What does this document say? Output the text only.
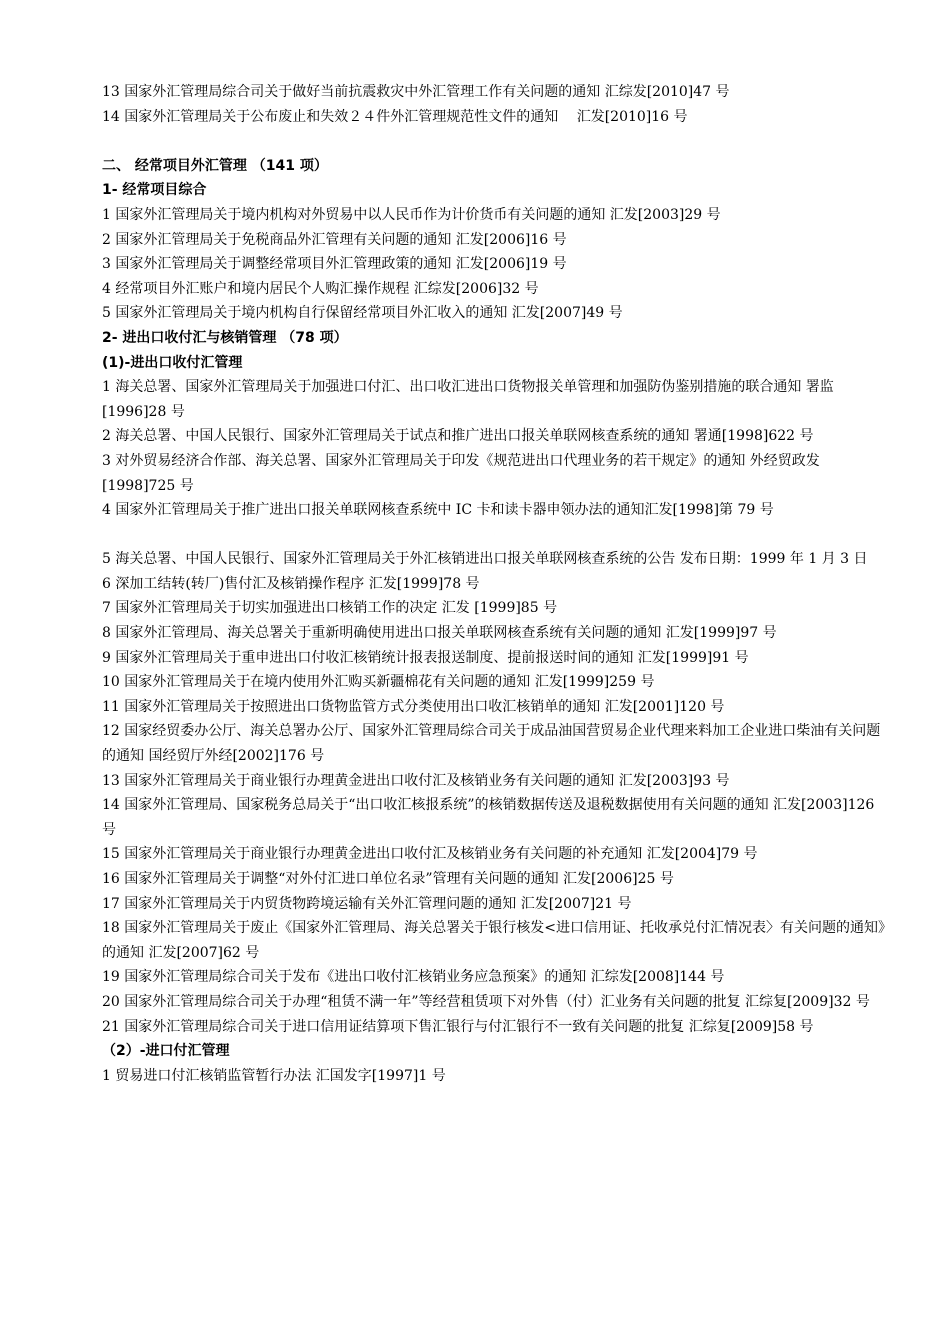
13 国家外汇管理局综合司关于做好当前抗震救灾中外汇管理工作有关问题的通知 汇综发[2010]47 号

14 国家外汇管理局关于公布废止和失效２４件外汇管理规范性文件的通知　 汇发[2010]16 号

二、 经常项目外汇管理 （141 项）

1- 经常项目综合

1 国家外汇管理局关于境内机构对外贸易中以人民币作为计价货币有关问题的通知 汇发[2003]29 号

2 国家外汇管理局关于免税商品外汇管理有关问题的通知 汇发[2006]16 号

3 国家外汇管理局关于调整经常项目外汇管理政策的通知 汇发[2006]19 号

4 经常项目外汇账户和境内居民个人购汇操作规程 汇综发[2006]32 号

5 国家外汇管理局关于境内机构自行保留经常项目外汇收入的通知 汇发[2007]49 号

2- 进出口收付汇与核销管理 （78 项）

(1)-进出口收付汇管理

1 海关总署、国家外汇管理局关于加强进口付汇、出口收汇进出口货物报关单管理和加强防伪鉴别措施的联合通知 署监[1996]28 号

2 海关总署、中国人民银行、国家外汇管理局关于试点和推广进出口报关单联网核查系统的通知 署通[1998]622 号

3 对外贸易经济合作部、海关总署、国家外汇管理局关于印发《规范进出口代理业务的若干规定》的通知 外经贸政发[1998]725 号

4 国家外汇管理局关于推广进出口报关单联网核查系统中 IC 卡和读卡器申领办法的通知汇发[1998]第 79 号

5 海关总署、中国人民银行、国家外汇管理局关于外汇核销进出口报关单联网核查系统的公告 发布日期：1999 年 1 月 3 日

6 深加工结转(转厂)售付汇及核销操作程序 汇发[1999]78 号

7 国家外汇管理局关于切实加强进出口核销工作的决定 汇发 [1999]85 号

8 国家外汇管理局、海关总署关于重新明确使用进出口报关单联网核查系统有关问题的通知 汇发[1999]97 号

9 国家外汇管理局关于重申进出口付收汇核销统计报表报送制度、提前报送时间的通知 汇发[1999]91 号

10 国家外汇管理局关于在境内使用外汇购买新疆棉花有关问题的通知 汇发[1999]259 号

11 国家外汇管理局关于按照进出口货物监管方式分类使用出口收汇核销单的通知 汇发[2001]120 号

12 国家经贸委办公厅、海关总署办公厅、国家外汇管理局综合司关于成品油国营贸易企业代理来料加工企业进口柴油有关问题的通知 国经贸厅外经[2002]176 号

13 国家外汇管理局关于商业银行办理黄金进出口收付汇及核销业务有关问题的通知 汇发[2003]93 号

14 国家外汇管理局、国家税务总局关于“出口收汇核报系统”的核销数据传送及退税数据使用有关问题的通知 汇发[2003]126 号

15 国家外汇管理局关于商业银行办理黄金进出口收付汇及核销业务有关问题的补充通知 汇发[2004]79 号

16 国家外汇管理局关于调整“对外付汇进口单位名录”管理有关问题的通知 汇发[2006]25 号

17 国家外汇管理局关于内贸货物跨境运输有关外汇管理问题的通知 汇发[2007]21 号

18 国家外汇管理局关于废止《国家外汇管理局、海关总署关于银行核发<进口信用证、托收承兑付汇情况表〉有关问题的通知》的通知 汇发[2007]62 号

19 国家外汇管理局综合司关于发布《进出口收付汇核销业务应急预案》的通知 汇综发[2008]144 号

20 国家外汇管理局综合司关于办理“租赁不满一年”等经营租赁项下对外售（付）汇业务有关问题的批复 汇综复[2009]32 号

21 国家外汇管理局综合司关于进口信用证结算项下售汇银行与付汇银行不一致有关问题的批复 汇综复[2009]58 号

（2）-进口付汇管理

1 贸易进口付汇核销监管暂行办法 汇国发字[1997]1 号
